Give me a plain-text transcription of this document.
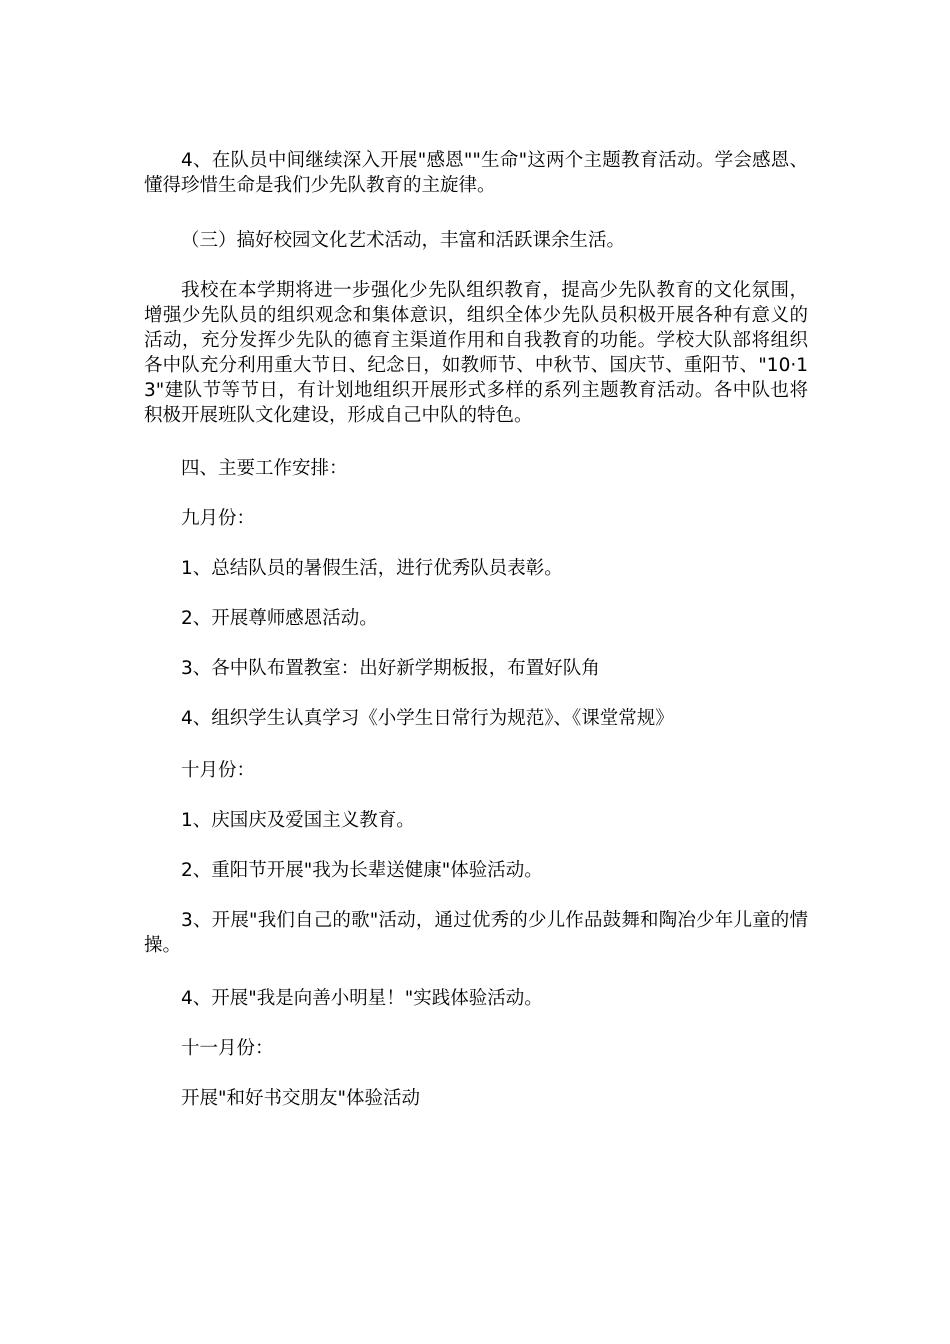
4、在队员中间继续深入开展"感恩""生命"这两个主题教育活动。学会感恩、懂得珍惜生命是我们少先队教育的主旋律。

（三）搞好校园文化艺术活动，丰富和活跃课余生活。

我校在本学期将进一步强化少先队组织教育，提高少先队教育的文化氛围，增强少先队员的组织观念和集体意识，组织全体少先队员积极开展各种有意义的活动，充分发挥少先队的德育主渠道作用和自我教育的功能。学校大队部将组织各中队充分利用重大节日、纪念日，如教师节、中秋节、国庆节、重阳节、"10·13"建队节等节日，有计划地组织开展形式多样的系列主题教育活动。各中队也将积极开展班队文化建设，形成自己中队的特色。

四、主要工作安排：

九月份：

1、总结队员的暑假生活，进行优秀队员表彰。

2、开展尊师感恩活动。

3、各中队布置教室：出好新学期板报，布置好队角

4、组织学生认真学习《小学生日常行为规范》、《课堂常规》

十月份：

1、庆国庆及爱国主义教育。

2、重阳节开展"我为长辈送健康"体验活动。

3、开展"我们自己的歌"活动，通过优秀的少儿作品鼓舞和陶冶少年儿童的情操。

4、开展"我是向善小明星！"实践体验活动。

十一月份：

开展"和好书交朋友"体验活动
